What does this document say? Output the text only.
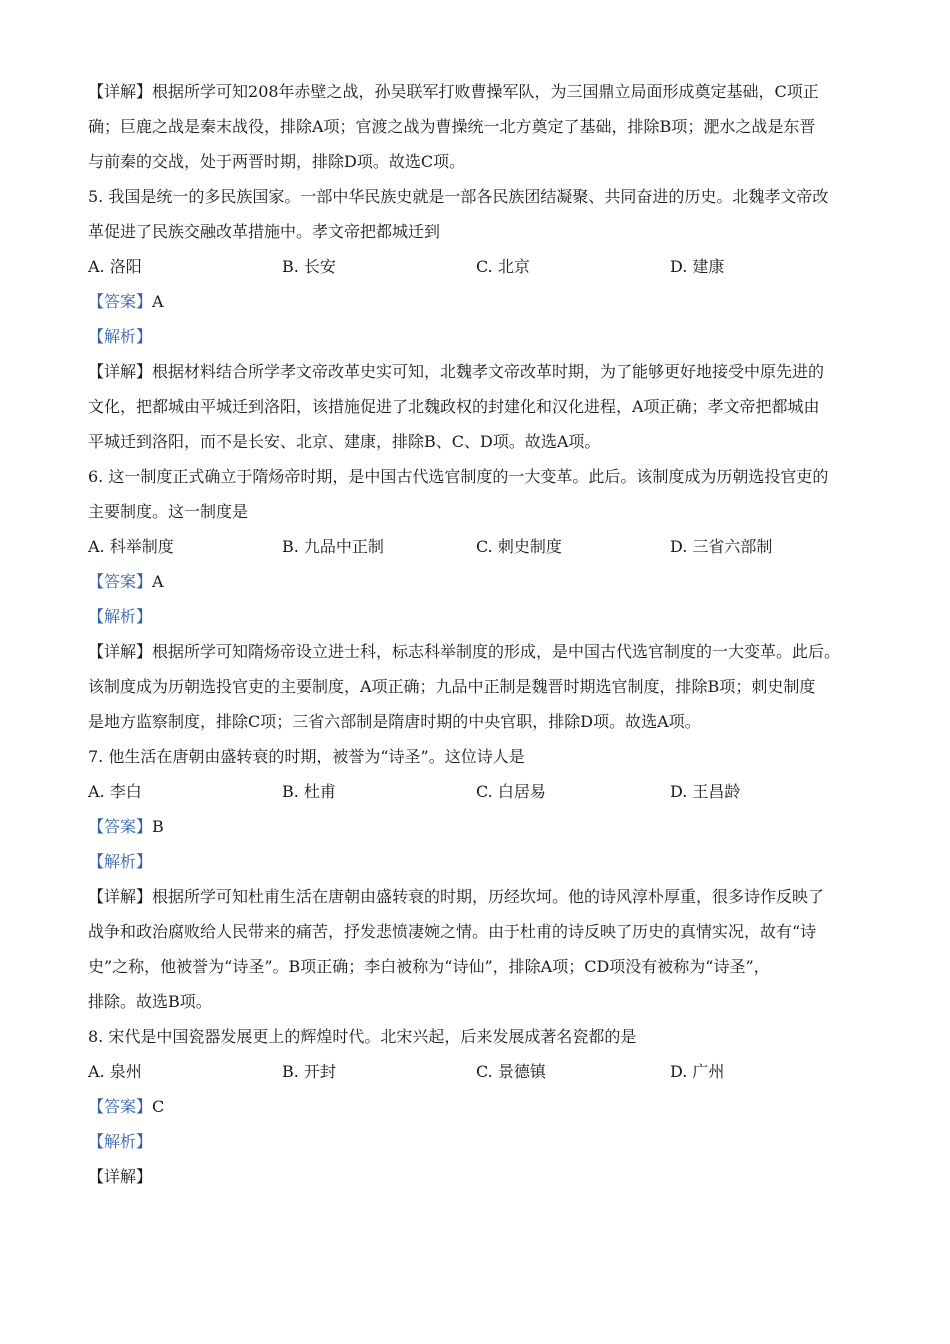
【详解】根据所学可知208年赤壁之战，孙吴联军打败曹操军队，为三国鼎立局面形成奠定基础，C项正
确；巨鹿之战是秦末战役，排除A项；官渡之战为曹操统一北方奠定了基础，排除B项；淝水之战是东晋
与前秦的交战，处于两晋时期，排除D项。故选C项。
5. 我国是统一的多民族国家。一部中华民族史就是一部各民族团结凝聚、共同奋进的历史。北魏孝文帝改
革促进了民族交融改革措施中。孝文帝把都城迁到
A. 洛阳	B. 长安	C. 北京	D. 建康
【答案】A
【解析】
【详解】根据材料结合所学孝文帝改革史实可知，北魏孝文帝改革时期，为了能够更好地接受中原先进的
文化，把都城由平城迁到洛阳，该措施促进了北魏政权的封建化和汉化进程，A项正确；孝文帝把都城由
平城迁到洛阳，而不是长安、北京、建康，排除B、C、D项。故选A项。
6. 这一制度正式确立于隋炀帝时期，是中国古代选官制度的一大变革。此后。该制度成为历朝选投官吏的
主要制度。这一制度是
A. 科举制度	B. 九品中正制	C. 刺史制度	D. 三省六部制
【答案】A
【解析】
【详解】根据所学可知隋炀帝设立进士科，标志科举制度的形成，是中国古代选官制度的一大变革。此后。
该制度成为历朝选投官吏的主要制度，A项正确；九品中正制是魏晋时期选官制度，排除B项；刺史制度
是地方监察制度，排除C项；三省六部制是隋唐时期的中央官职，排除D项。故选A项。
7. 他生活在唐朝由盛转衰的时期，被誉为“诗圣”。这位诗人是
A. 李白	B. 杜甫	C. 白居易	D. 王昌龄
【答案】B
【解析】
【详解】根据所学可知杜甫生活在唐朝由盛转衰的时期，历经坎坷。他的诗风淳朴厚重，很多诗作反映了
战争和政治腐败给人民带来的痛苦，抒发悲愤凄婉之情。由于杜甫的诗反映了历史的真情实况，故有“诗
史”之称，他被誉为“诗圣”。B项正确；李白被称为“诗仙”，排除A项；CD项没有被称为“诗圣”，
排除。故选B项。
8. 宋代是中国瓷器发展更上的辉煌时代。北宋兴起，后来发展成著名瓷都的是
A. 泉州	B. 开封	C. 景德镇	D. 广州
【答案】C
【解析】
【详解】
